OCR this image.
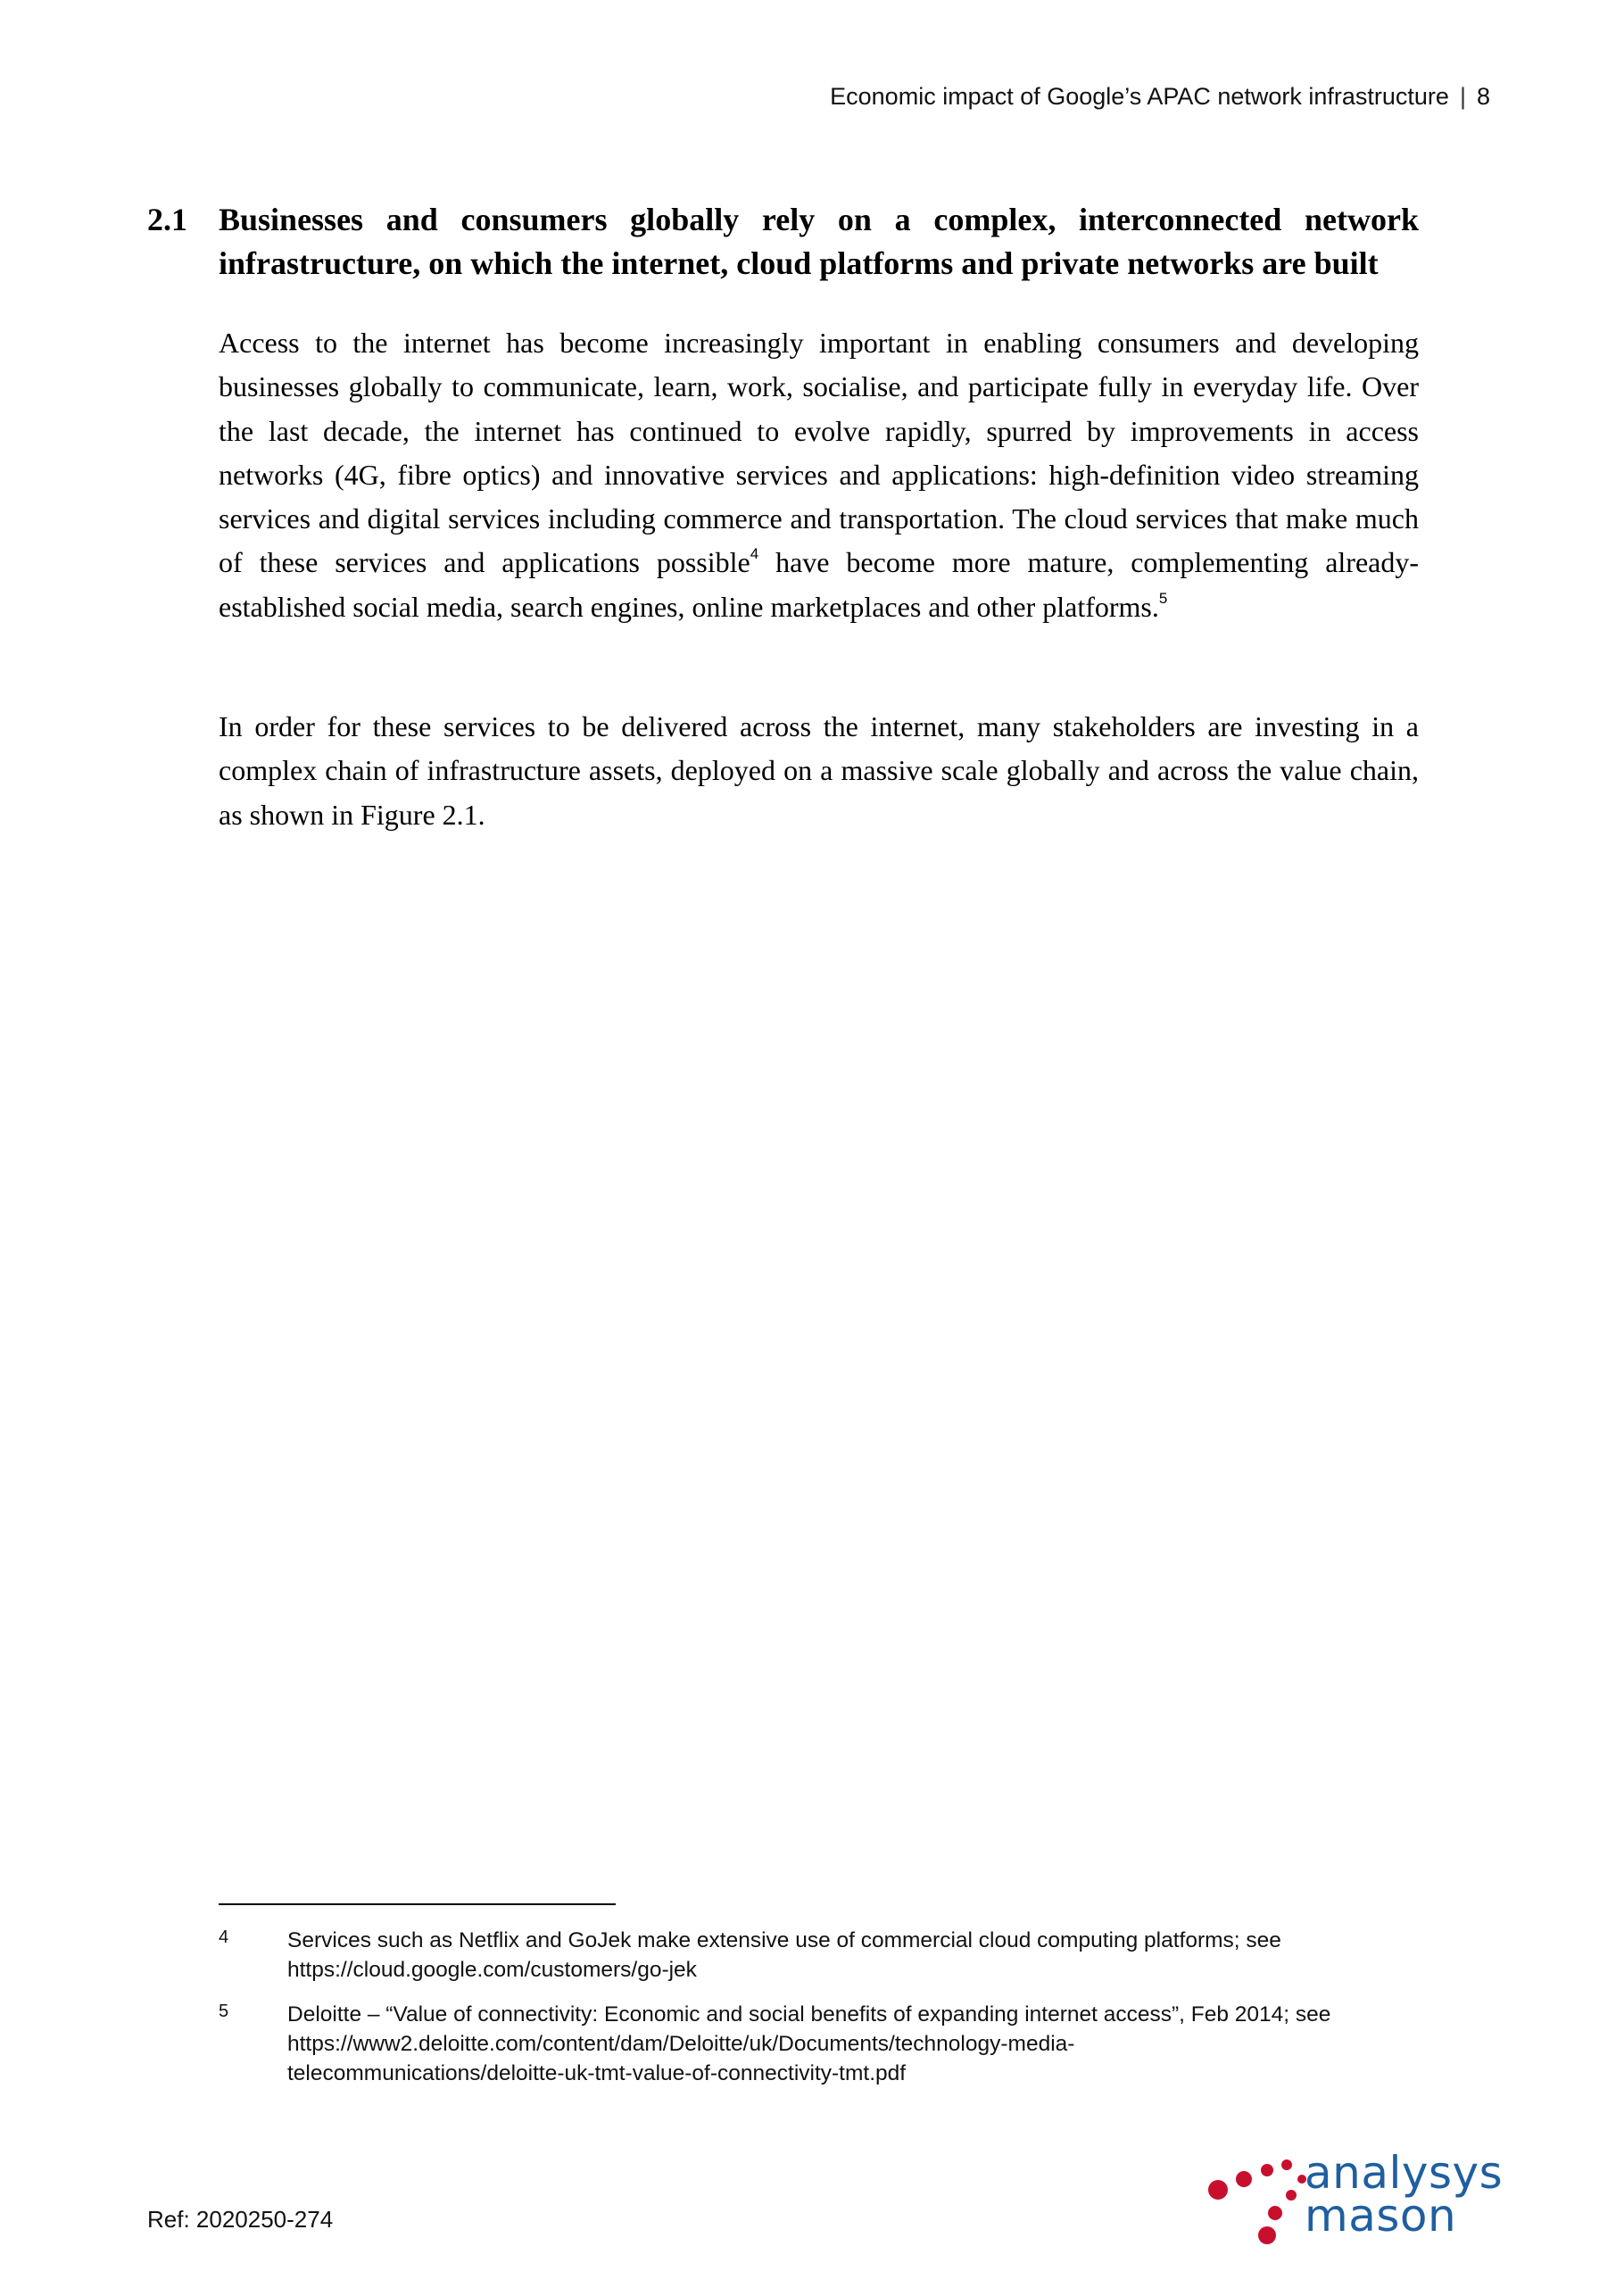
Economic impact of Google’s APAC network infrastructure | 8
2.1 Businesses and consumers globally rely on a complex, interconnected network infrastructure, on which the internet, cloud platforms and private networks are built
Access to the internet has become increasingly important in enabling consumers and developing businesses globally to communicate, learn, work, socialise, and participate fully in everyday life. Over the last decade, the internet has continued to evolve rapidly, spurred by improvements in access networks (4G, fibre optics) and innovative services and applications: high-definition video streaming services and digital services including commerce and transportation. The cloud services that make much of these services and applications possible$^4$ have become more mature, complementing already-established social media, search engines, online marketplaces and other platforms.$^5$
In order for these services to be delivered across the internet, many stakeholders are investing in a complex chain of infrastructure assets, deployed on a massive scale globally and across the value chain, as shown in Figure 2.1.
4	Services such as Netflix and GoJek make extensive use of commercial cloud computing platforms; see
https://cloud.google.com/customers/go-jek
5	Deloitte – “Value of connectivity: Economic and social benefits of expanding internet access”, Feb 2014; see
https://www2.deloitte.com/content/dam/Deloitte/uk/Documents/technology-media-
telecommunications/deloitte-uk-tmt-value-of-connectivity-tmt.pdf
Ref: 2020250-274
analysys
mason
